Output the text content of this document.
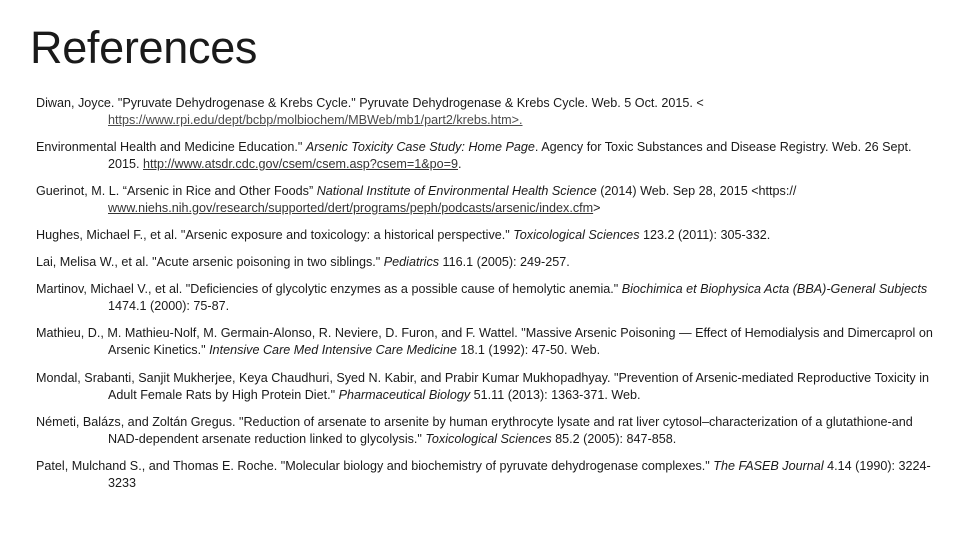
References
Diwan, Joyce. "Pyruvate Dehydrogenase & Krebs Cycle." Pyruvate Dehydrogenase & Krebs Cycle. Web. 5 Oct. 2015. < https://www.rpi.edu/dept/bcbp/molbiochem/MBWeb/mb1/part2/krebs.htm>.
Environmental Health and Medicine Education." Arsenic Toxicity Case Study: Home Page. Agency for Toxic Substances and Disease Registry. Web. 26 Sept. 2015. http://www.atsdr.cdc.gov/csem/csem.asp?csem=1&po=9.
Guerinot, M. L. “Arsenic in Rice and Other Foods” National Institute of Environmental Health Science (2014) Web. Sep 28, 2015 <https:// www.niehs.nih.gov/research/supported/dert/programs/peph/podcasts/arsenic/index.cfm>
Hughes, Michael F., et al. "Arsenic exposure and toxicology: a historical perspective." Toxicological Sciences 123.2 (2011): 305-332.
Lai, Melisa W., et al. "Acute arsenic poisoning in two siblings." Pediatrics 116.1 (2005): 249-257.
Martinov, Michael V., et al. "Deficiencies of glycolytic enzymes as a possible cause of hemolytic anemia." Biochimica et Biophysica Acta (BBA)-General Subjects 1474.1 (2000): 75-87.
Mathieu, D., M. Mathieu-Nolf, M. Germain-Alonso, R. Neviere, D. Furon, and F. Wattel. "Massive Arsenic Poisoning — Effect of Hemodialysis and Dimercaprol on Arsenic Kinetics." Intensive Care Med Intensive Care Medicine 18.1 (1992): 47-50. Web.
Mondal, Srabanti, Sanjit Mukherjee, Keya Chaudhuri, Syed N. Kabir, and Prabir Kumar Mukhopadhyay. "Prevention of Arsenic-mediated Reproductive Toxicity in Adult Female Rats by High Protein Diet." Pharmaceutical Biology 51.11 (2013): 1363-371. Web.
Németi, Balázs, and Zoltán Gregus. "Reduction of arsenate to arsenite by human erythrocyte lysate and rat liver cytosol–characterization of a glutathione-and NAD-dependent arsenate reduction linked to glycolysis." Toxicological Sciences 85.2 (2005): 847-858.
Patel, Mulchand S., and Thomas E. Roche. "Molecular biology and biochemistry of pyruvate dehydrogenase complexes." The FASEB Journal 4.14 (1990): 3224-3233
